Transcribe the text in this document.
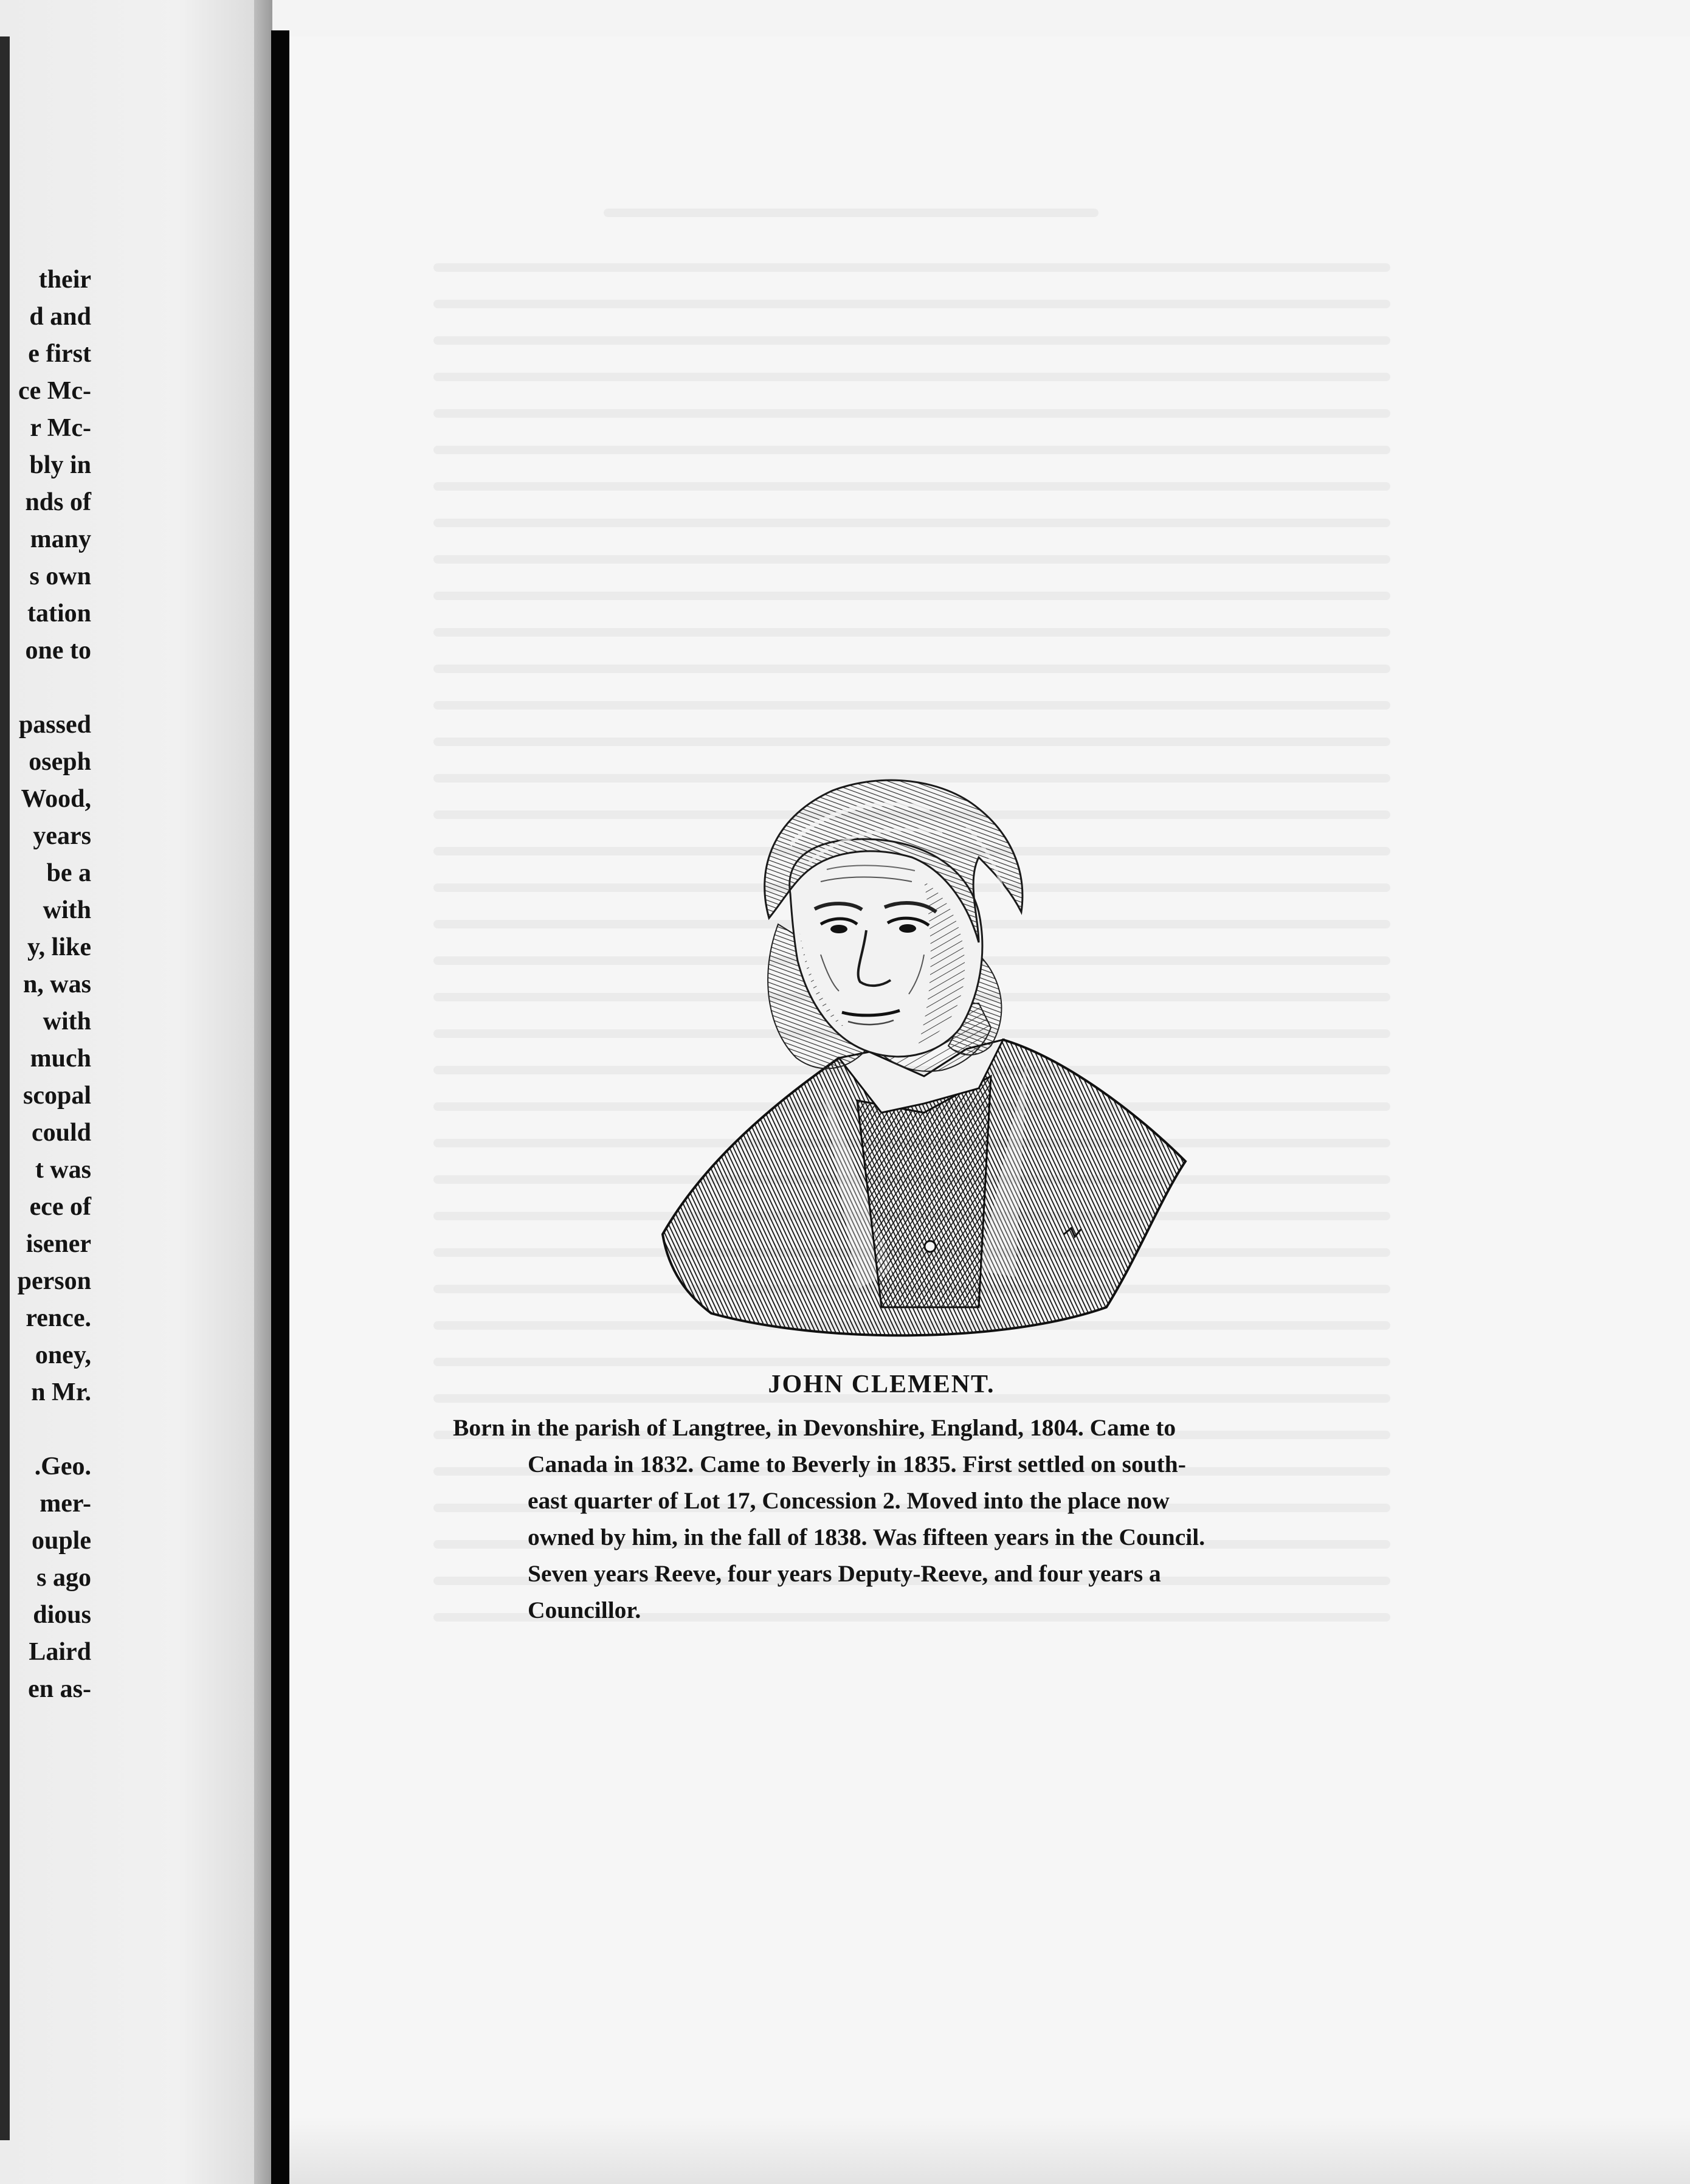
their
d and
e first
ce Mc-
r Mc-
bly in
nds of
many
s own
tation
one to

passed
oseph
Wood,
years
be a
with
y, like
n, was
with
much
scopal
could
t was
ece of
isener
person
rence.
oney,
n Mr.

.Geo.
mer-
ouple
s ago
dious
Laird
en as-
JOHN CLEMENT.
Born in the parish of Langtree, in Devonshire, England, 1804. Came to
Canada in 1832. Came to Beverly in 1835. First settled on south-
east quarter of Lot 17, Concession 2. Moved into the place now
owned by him, in the fall of 1838. Was fifteen years in the Council.
Seven years Reeve, four years Deputy-Reeve, and four years a
Councillor.
